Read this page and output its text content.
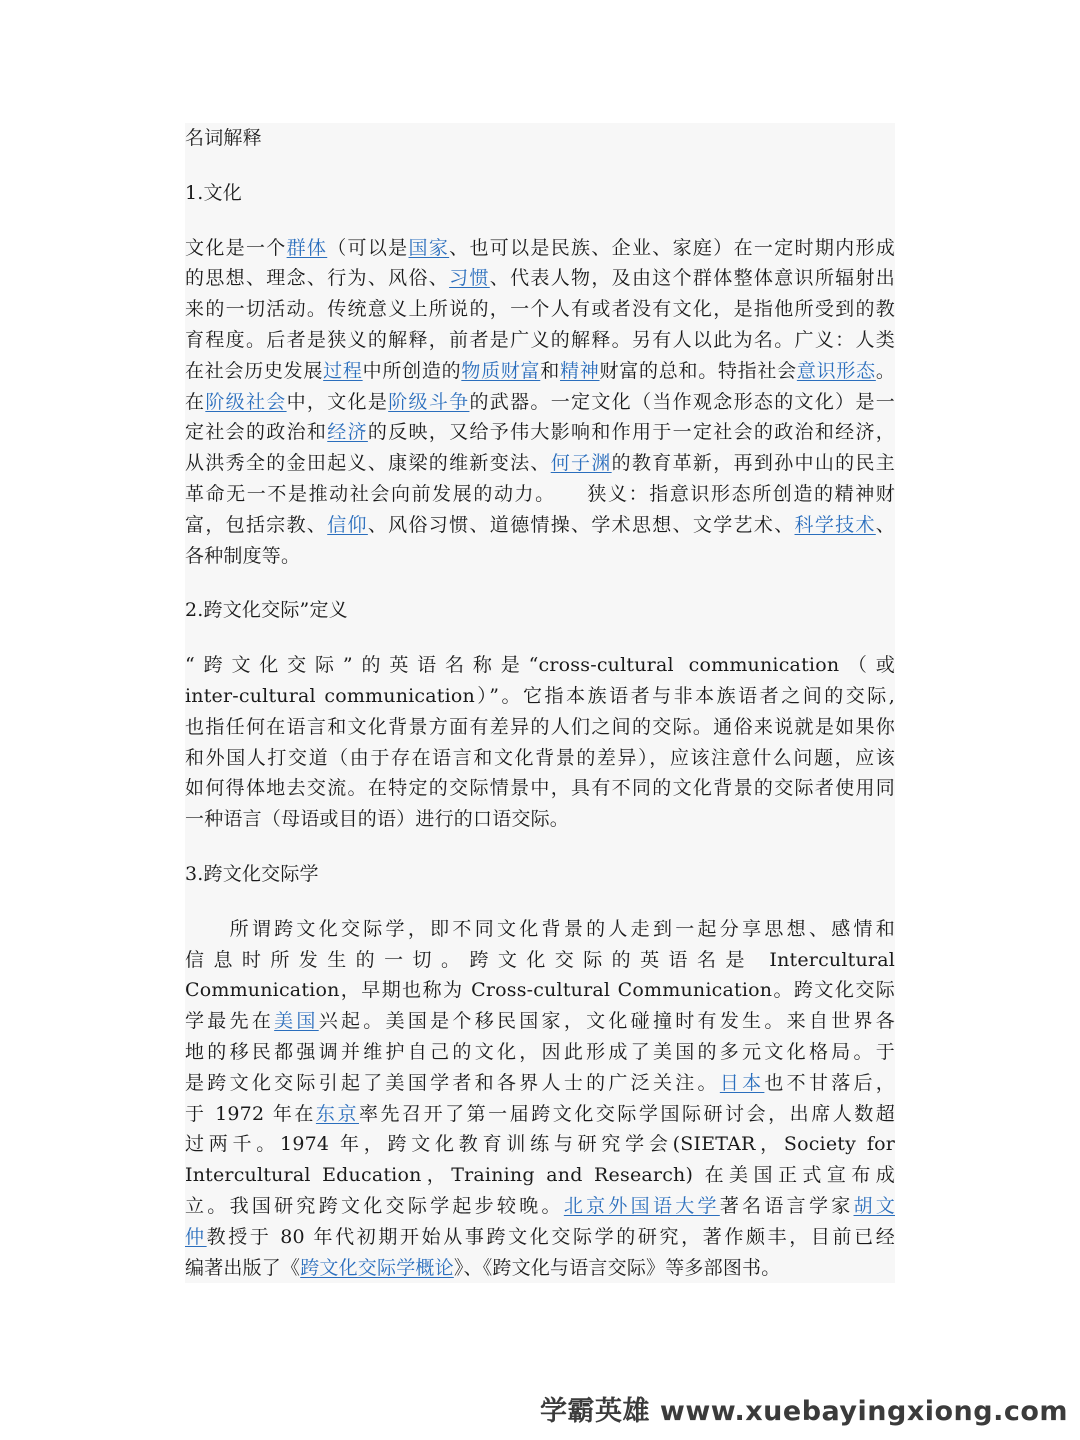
名词解释
1.文化
文化是一个群体（可以是国家、也可以是民族、企业、家庭）在一定时期内形成
的思想、理念、行为、风俗、习惯、代表人物，及由这个群体整体意识所辐射出
来的一切活动。传统意义上所说的，一个人有或者没有文化，是指他所受到的教
育程度。后者是狭义的解释，前者是广义的解释。另有人以此为名。广义：人类
在社会历史发展过程中所创造的物质财富和精神财富的总和。特指社会意识形态。
在阶级社会中，文化是阶级斗争的武器。一定文化（当作观念形态的文化）是一
定社会的政治和经济的反映，又给予伟大影响和作用于一定社会的政治和经济，
从洪秀全的金田起义、康梁的维新变法、何子渊的教育革新，再到孙中山的民主
革命无一不是推动社会向前发展的动力。　　狭义：指意识形态所创造的精神财
富，包括宗教、信仰、风俗习惯、道德情操、学术思想、文学艺术、科学技术、
各种制度等。
2.跨文化交际”定义
“跨文化交际”的英语名称是“cross-cultural communication（或
inter-cultural communication）”。它指本族语者与非本族语者之间的交际,
也指任何在语言和文化背景方面有差异的人们之间的交际。通俗来说就是如果你
和外国人打交道（由于存在语言和文化背景的差异），应该注意什么问题，应该
如何得体地去交流。在特定的交际情景中，具有不同的文化背景的交际者使用同
一种语言（母语或目的语）进行的口语交际。
3.跨文化交际学
　　所谓跨文化交际学，即不同文化背景的人走到一起分享思想、感情和
信息时所发生的一切。跨文化交际的英语名是 Intercultural
Communication，早期也称为 Cross-cultural Communication。跨文化交际
学最先在美国兴起。美国是个移民国家，文化碰撞时有发生。来自世界各
地的移民都强调并维护自己的文化，因此形成了美国的多元文化格局。于
是跨文化交际引起了美国学者和各界人士的广泛关注。日本也不甘落后，
于 1972 年在东京率先召开了第一届跨文化交际学国际研讨会，出席人数超
过两千。1974 年，跨文化教育训练与研究学会(SIETAR，Society for
Intercultural Education，Training and Research) 在美国正式宣布成
立。我国研究跨文化交际学起步较晚。北京外国语大学著名语言学家胡文
仲教授于 80 年代初期开始从事跨文化交际学的研究，著作颇丰，目前已经
编著出版了《跨文化交际学概论》、《跨文化与语言交际》等多部图书。
学霸英雄 www.xuebayingxiong.com
